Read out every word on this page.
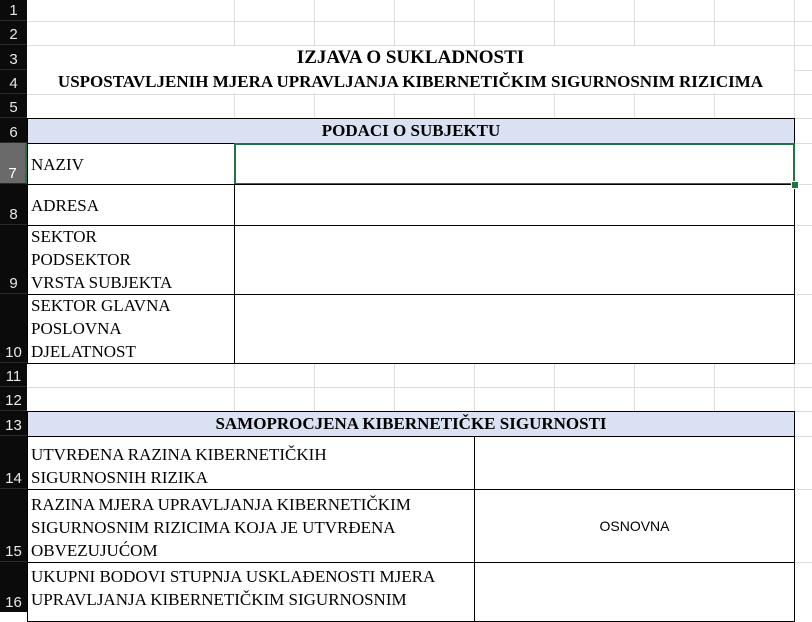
1
2
3
4
5
6
7
8
9
10
11
12
13
14
15
16
IZJAVA O SUKLADNOSTI
USPOSTAVLJENIH MJERA UPRAVLJANJA KIBERNETIČKIM SIGURNOSNIM RIZICIMA
PODACI O SUBJEKTU
NAZIV
ADRESA
SEKTOR
PODSEKTOR
VRSTA SUBJEKTA
SEKTOR GLAVNA
POSLOVNA
DJELATNOST
SAMOPROCJENA KIBERNETIČKE SIGURNOSTI
UTVRĐENA RAZINA KIBERNETIČKIH
SIGURNOSNIH RIZIKA
RAZINA MJERA UPRAVLJANJA KIBERNETIČKIM
SIGURNOSNIM RIZICIMA KOJA JE UTVRĐENA
OBVEZUJUĆOM
OSNOVNA
UKUPNI BODOVI STUPNJA USKLAĐENOSTI MJERA
UPRAVLJANJA KIBERNETIČKIM SIGURNOSNIM
